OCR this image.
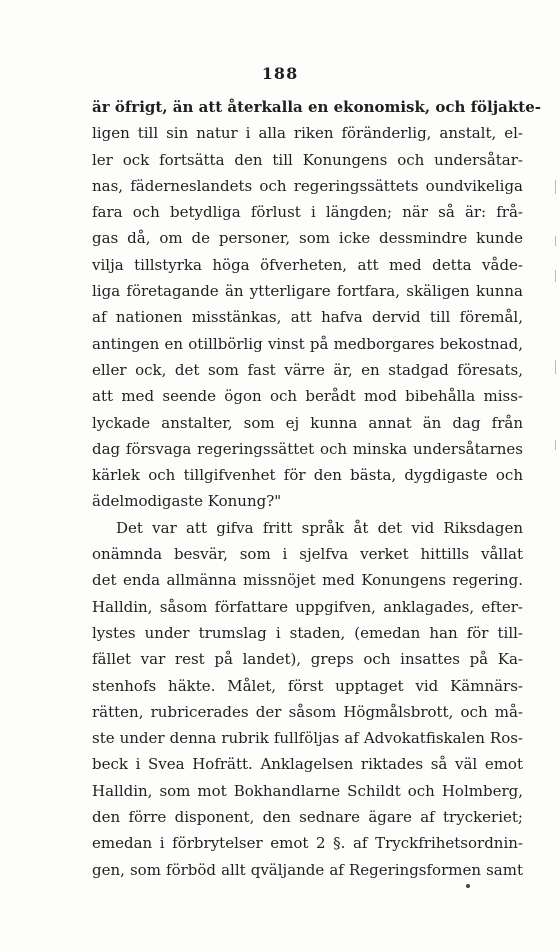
188
är öfrigt, än att återkalla en ekonomisk, och följakte-
ligen till sin natur i alla riken föränderlig, anstalt, el-
ler ock fortsätta den till Konungens och undersåtar-
nas, fäderneslandets och regeringssättets oundvikeliga
fara och betydliga förlust i längden; när så är: frå-
gas då, om de personer, som icke dessmindre kunde
vilja tillstyrka höga öfverheten, att med detta våde-
liga företagande än ytterligare fortfara, skäligen kunna
af nationen misstänkas, att hafva dervid till föremål,
antingen en otillbörlig vinst på medborgares bekostnad,
eller ock, det som fast värre är, en stadgad föresats,
att med seende ögon och berådt mod bibehålla miss-
lyckade anstalter, som ej kunna annat än dag från
dag försvaga regeringssättet och minska undersåtarnes
kärlek och tillgifvenhet för den bästa, dygdigaste och
ädelmodigaste Konung?"
Det var att gifva fritt språk åt det vid Riksdagen
onämnda besvär, som i sjelfva verket hittills vållat
det enda allmänna missnöjet med Konungens regering.
Halldin, såsom författare uppgifven, anklagades, efter-
lystes under trumslag i staden, (emedan han för till-
fället var rest på landet), greps och insattes på Ka-
stenhofs häkte. Målet, först upptaget vid Kämnärs-
rätten, rubricerades der såsom Högmålsbrott, och må-
ste under denna rubrik fullföljas af Advokatfiskalen Ros-
beck i Svea Hofrätt. Anklagelsen riktades så väl emot
Halldin, som mot Bokhandlarne Schildt och Holmberg,
den förre disponent, den sednare ägare af tryckeriet;
emedan i förbrytelser emot 2 §. af Tryckfrihetsordnin-
gen, som förböd allt qväljande af Regeringsformen samt
